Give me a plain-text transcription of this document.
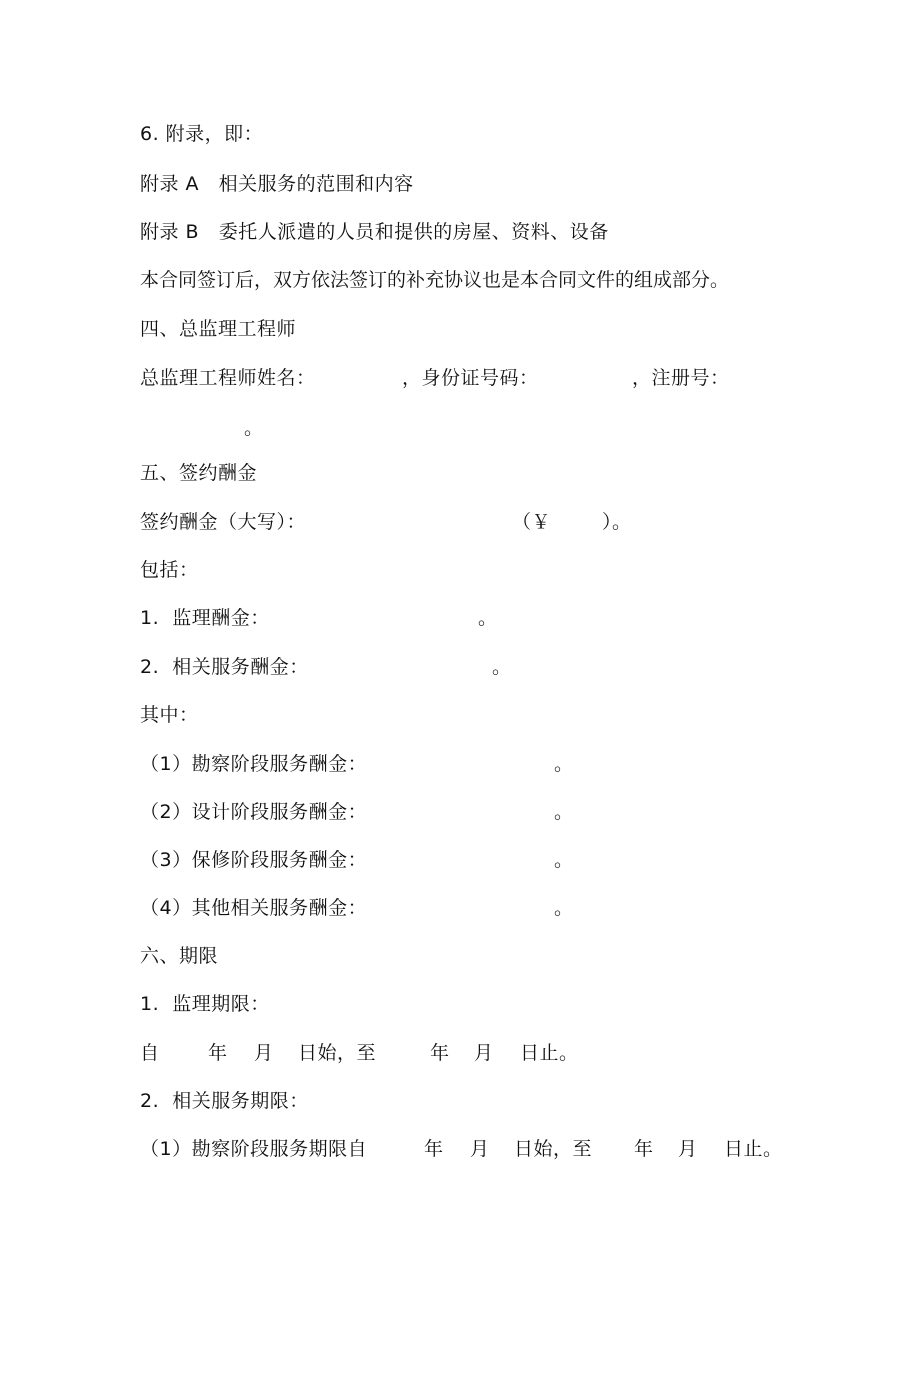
6. 附录，即：
附录 A   相关服务的范围和内容
附录 B   委托人派遣的人员和提供的房屋、资料、设备
本合同签订后，双方依法签订的补充协议也是本合同文件的组成部分。
四、总监理工程师

总监理工程师姓名：

	，身份证号码：

	，注册号：

。
五、签约酬金

签约酬金（大写）：

	（￥

	）。

包括：

1.  监理酬金：

	。

2.  相关服务酬金：

	。

其中：

（1）勘察阶段服务酬金：

	。

（2）设计阶段服务酬金：

	。

（3）保修阶段服务酬金：

	。

（4）其他相关服务酬金：

	。

六、期限
1.  监理期限：

自

	年

月

日始，至

	年

月

日止。

2.  相关服务期限：

（1）勘察阶段服务期限自

	年

月

日始，至

年

月

日止。
